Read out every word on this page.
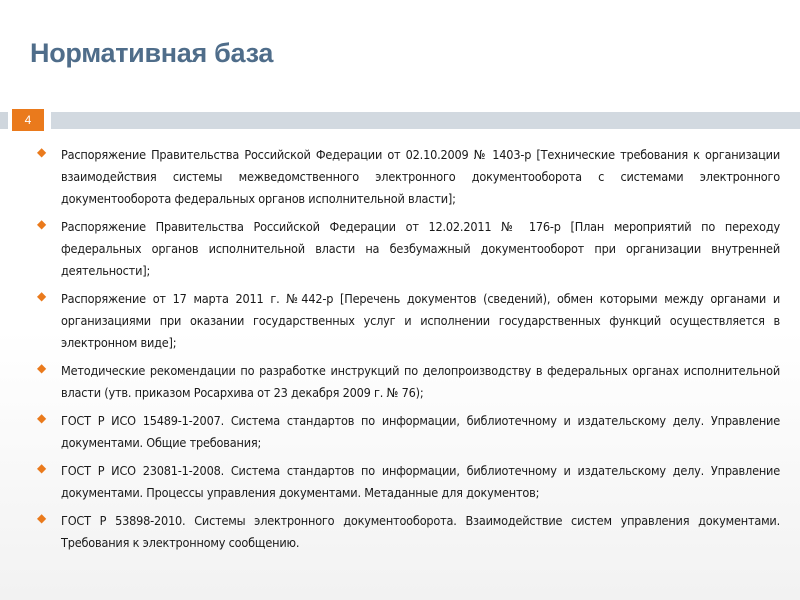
Нормативная база
4
◆ Распоряжение Правительства Российской Федерации от 02.10.2009 № 1403-р [Технические требования к организации взаимодействия системы межведомственного электронного документооборота с системами электронного документооборота федеральных органов исполнительной власти];
◆ Распоряжение Правительства Российской Федерации от 12.02.2011 № 176-р [План мероприятий по переходу федеральных органов исполнительной власти на безбумажный документооборот при организации внутренней деятельности];
◆ Распоряжение от 17 марта 2011 г. №442-р [Перечень документов (сведений), обмен которыми между органами и организациями при оказании государственных услуг и исполнении государственных функций осуществляется в электронном виде];
◆ Методические рекомендации по разработке инструкций по делопроизводству в федеральных органах исполнительной власти (утв. приказом Росархива от 23 декабря 2009 г. № 76);
◆ ГОСТ Р ИСО 15489-1-2007. Система стандартов по информации, библиотечному и издательскому делу. Управление документами. Общие требования;
◆ ГОСТ Р ИСО 23081-1-2008. Система стандартов по информации, библиотечному и издательскому делу. Управление документами. Процессы управления документами. Метаданные для документов;
◆ ГОСТ Р 53898-2010. Системы электронного документооборота. Взаимодействие систем управления документами. Требования к электронному сообщению.
